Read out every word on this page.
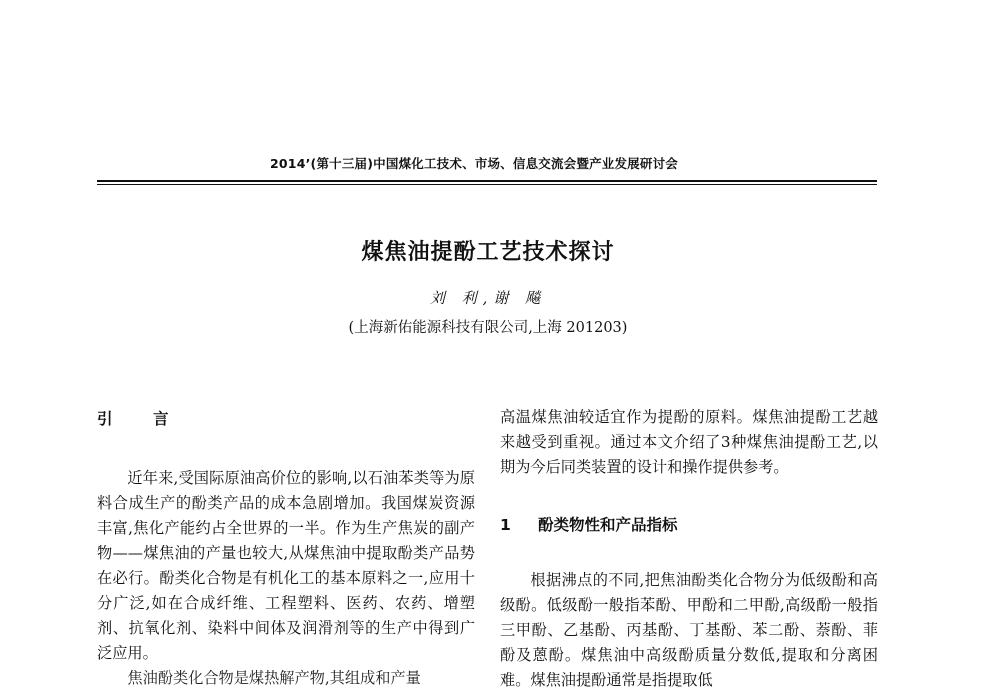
2014’(第十三届)中国煤化工技术、市场、信息交流会暨产业发展研讨会
煤焦油提酚工艺技术探讨
刘 利,谢 飚
(上海新佑能源科技有限公司,上海 201203)

引	言

近年来,受国际原油高价位的影响,以石油苯类等为原料合成生产的酚类产品的成本急剧增加。我国煤炭资源丰富,焦化产能约占全世界的一半。作为生产焦炭的副产物——煤焦油的产量也较大,从煤焦油中提取酚类产品势在必行。酚类化合物是有机化工的基本原料之一,应用十分广泛,如在合成纤维、工程塑料、医药、农药、增塑剂、抗氧化剂、染料中间体及润滑剂等的生产中得到广泛应用。

焦油酚类化合物是煤热解产物,其组成和产量

高温煤焦油较适宜作为提酚的原料。煤焦油提酚工艺越来越受到重视。通过本文介绍了3种煤焦油提酚工艺,以期为今后同类装置的设计和操作提供参考。

1 酚类物性和产品指标

根据沸点的不同,把焦油酚类化合物分为低级酚和高级酚。低级酚一般指苯酚、甲酚和二甲酚,高级酚一般指三甲酚、乙基酚、丙基酚、丁基酚、苯二酚、萘酚、菲酚及蒽酚。煤焦油中高级酚质量分数低,提取和分离困难。煤焦油提酚通常是指提取低
